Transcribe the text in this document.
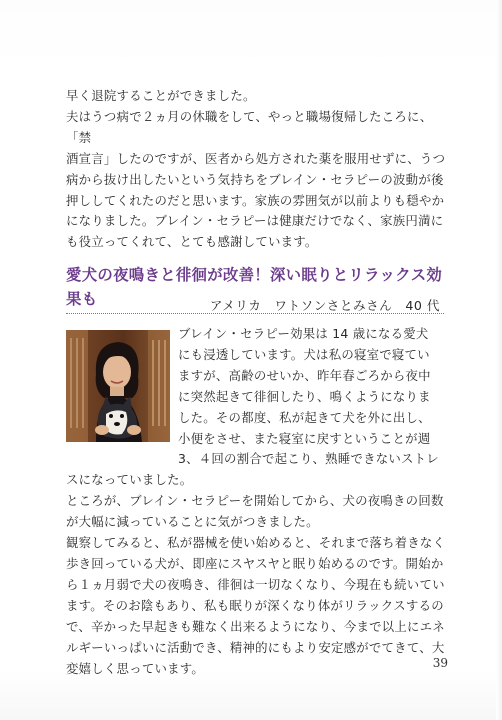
早く退院することができました。

夫はうつ病で２ヵ月の休職をして、やっと職場復帰したころに、「禁

酒宣言」したのですが、医者から処方された薬を服用せずに、うつ

病から抜け出したいという気持ちをブレイン・セラピーの波動が後

押ししてくれたのだと思います。家族の雰囲気が以前よりも穏やか

になりました。ブレイン・セラピーは健康だけでなく、家族円満に

も役立ってくれて、とても感謝しています。

愛犬の夜鳴きと徘徊が改善！深い眠りとリラックス効果も	アメリカ　ワトソンさとみさん　40 代

ブレイン・セラピー効果は 14 歳になる愛犬

にも浸透しています。犬は私の寝室で寝てい

ますが、高齢のせいか、昨年春ごろから夜中

に突然起きて徘徊したり、鳴くようになりま

した。その都度、私が起きて犬を外に出し、

小便をさせ、また寝室に戻すということが週

3、４回の割合で起こり、熟睡できないストレスになっていました。

ところが、ブレイン・セラピーを開始してから、犬の夜鳴きの回数

が大幅に減っていることに気がつきました。

観察してみると、私が器械を使い始めると、それまで落ち着きなく

歩き回っている犬が、即座にスヤスヤと眠り始めるのです。開始か

ら１ヵ月弱で犬の夜鳴き、徘徊は一切なくなり、今現在も続いてい

ます。そのお陰もあり、私も眠りが深くなり体がリラックスするの

で、辛かった早起きも難なく出来るようになり、今まで以上にエネ

ルギーいっぱいに活動でき、精神的にもより安定感がでてきて、大

変嬉しく思っています。	39
